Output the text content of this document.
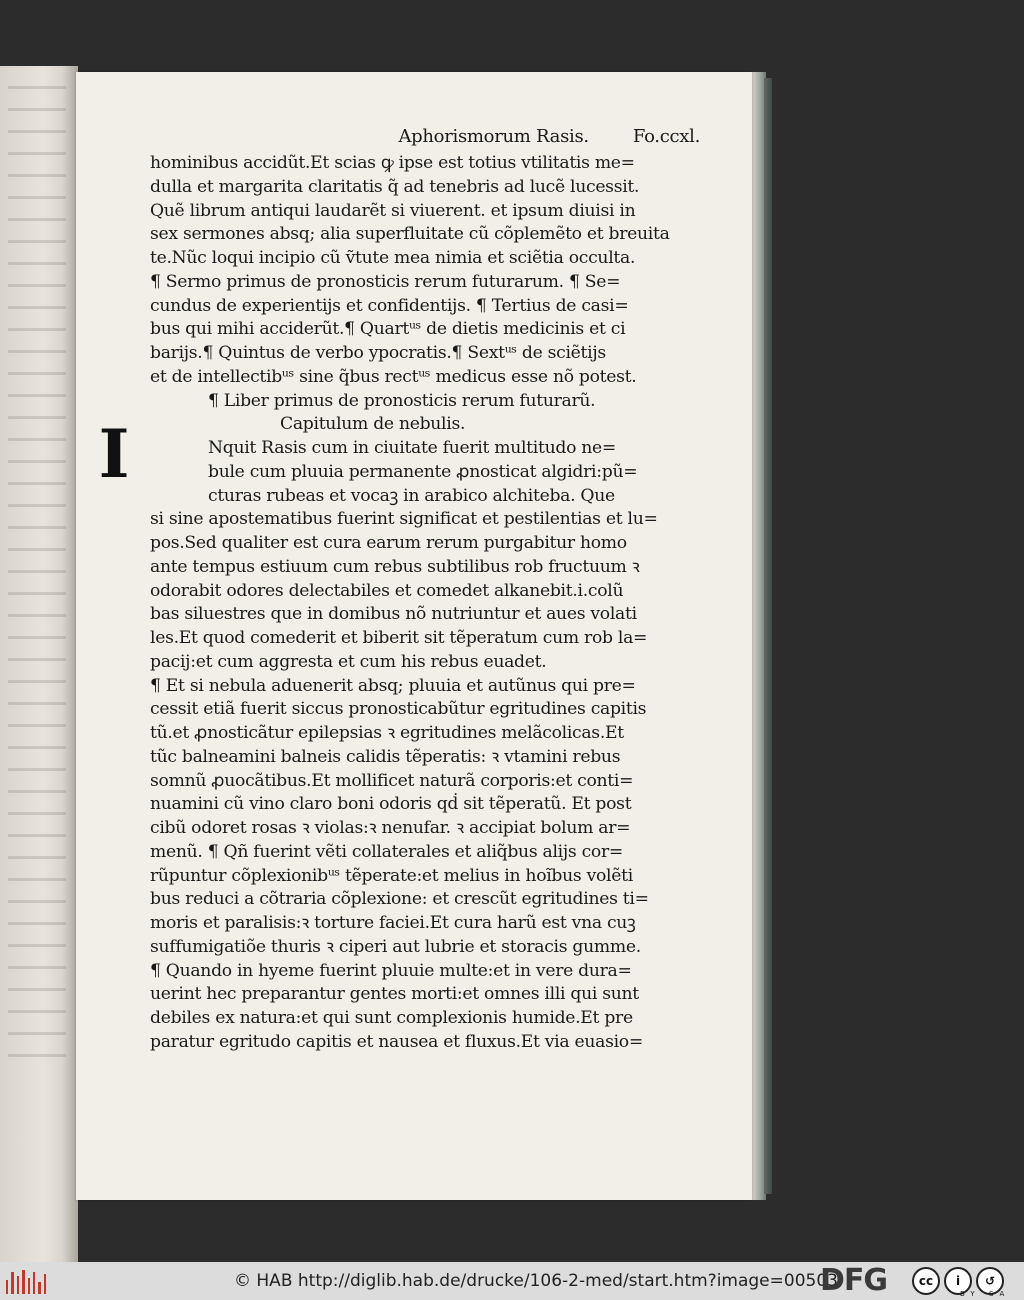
I
Aphorismorum Rasis. Fo.ccxl.
hominibus accidũt.Et scias ꝙ ipse est totius vtilitatis me=
dulla et margarita claritatis q̃ ad tenebris ad lucẽ lucessit.
Quẽ librum antiqui laudarẽt si viuerent. et ipsum diuisi in
sex sermones absq; alia superfluitate cũ cõplemẽto et breuita
te.Nũc loqui incipio cũ ṽtute mea nimia et sciẽtia occulta.
¶ Sermo primus de pronosticis rerum futurarum. ¶ Se=
cundus de experientijs et confidentijs. ¶ Tertius de casi=
bus qui mihi acciderũt.¶ Quartᵘˢ de dietis medicinis et ci
barijs.¶ Quintus de verbo ypocratis.¶ Sextᵘˢ de sciẽtijs
et de intellectibᵘˢ sine q̃bus rectᵘˢ medicus esse nõ potest.
¶ Liber primus de pronosticis rerum futurarũ.
Capitulum de nebulis.
Nquit Rasis cum in ciuitate fuerit multitudo ne=
bule cum pluuia permanente ꝓnosticat algidri:pũ=
cturas rubeas et vocaꝫ in arabico alchiteba. Que
si sine apostematibus fuerint significat et pestilentias et lu=
pos.Sed qualiter est cura earum rerum purgabitur homo
ante tempus estiuum cum rebus subtilibus rob fructuum ꝛ
odorabit odores delectabiles et comedet alkanebit.i.colũ
bas siluestres que in domibus nõ nutriuntur et aues volati
les.Et quod comederit et biberit sit tẽperatum cum rob la=
pacij:et cum aggresta et cum his rebus euadet.
¶ Et si nebula aduenerit absq; pluuia et autũnus qui pre=
cessit etiã fuerit siccus pronosticabũtur egritudines capitis
tũ.et ꝓnosticãtur epilepsias ꝛ egritudines melãcolicas.Et
tũc balneamini balneis calidis tẽperatis: ꝛ vtamini rebus
somnũ ꝓuocãtibus.Et mollificet naturã corporis:et conti=
nuamini cũ vino claro boni odoris qḋ sit tẽperatũ. Et post
cibũ odoret rosas ꝛ violas:ꝛ nenufar. ꝛ accipiat bolum ar=
menũ. ¶ Qñ fuerint vẽti collaterales et aliq̃bus alijs cor=
rũpuntur cõplexionibᵘˢ tẽperate:et melius in hoĩbus volẽti
bus reduci a cõtraria cõplexione: et crescũt egritudines ti=
moris et paralisis:ꝛ torture faciei.Et cura harũ est vna cuꝫ
suffumigatiõe thuris ꝛ ciperi aut lubrie et storacis gumme.
¶ Quando in hyeme fuerint pluuie multe:et in vere dura=
uerint hec preparantur gentes morti:et omnes illi qui sunt
debiles ex natura:et qui sunt complexionis humide.Et pre
paratur egritudo capitis et nausea et fluxus.Et via euasio=
© HAB http://diglib.hab.de/drucke/106-2-med/start.htm?image=00503
DFG	cc	i	↺
BY SA
